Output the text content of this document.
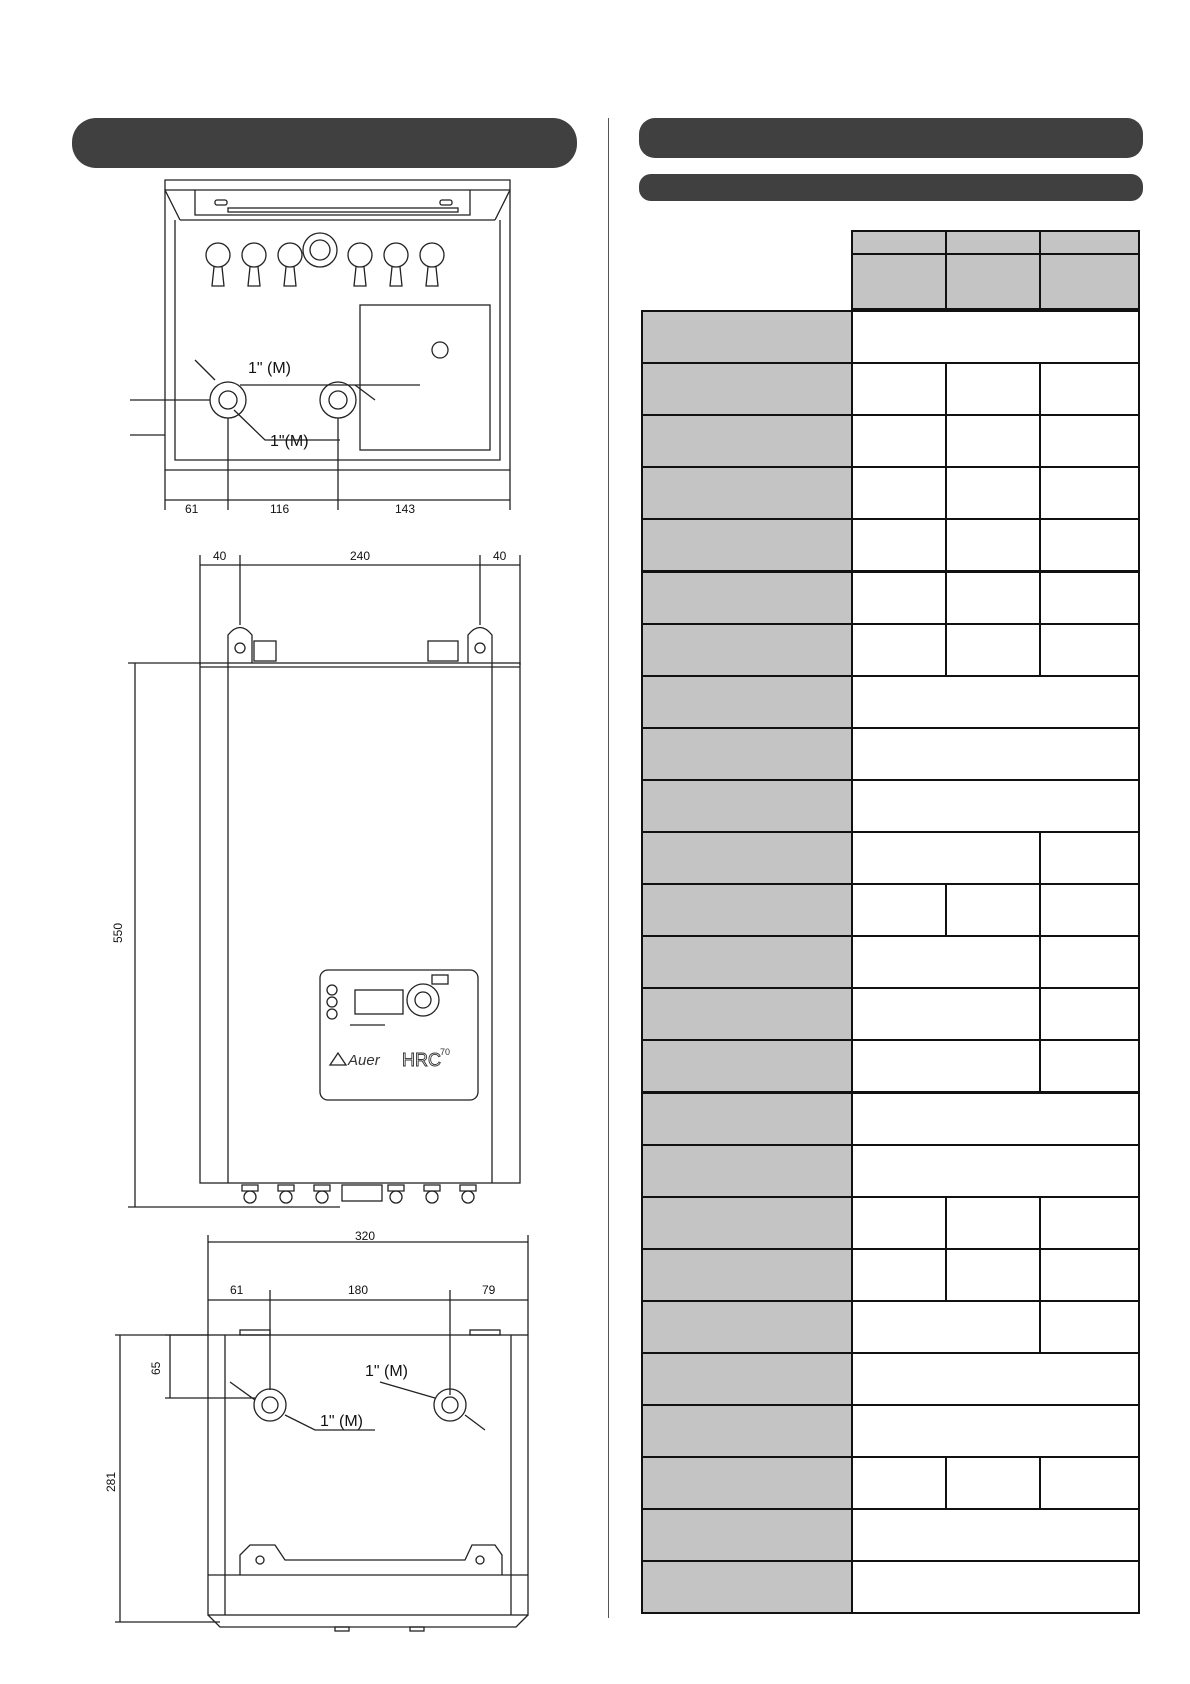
1" (M)
1"(M)
61	116	143
40	240	40
550
Auer HRC 70
320
61	180	79
65
281
1" (M)
1" (M)
